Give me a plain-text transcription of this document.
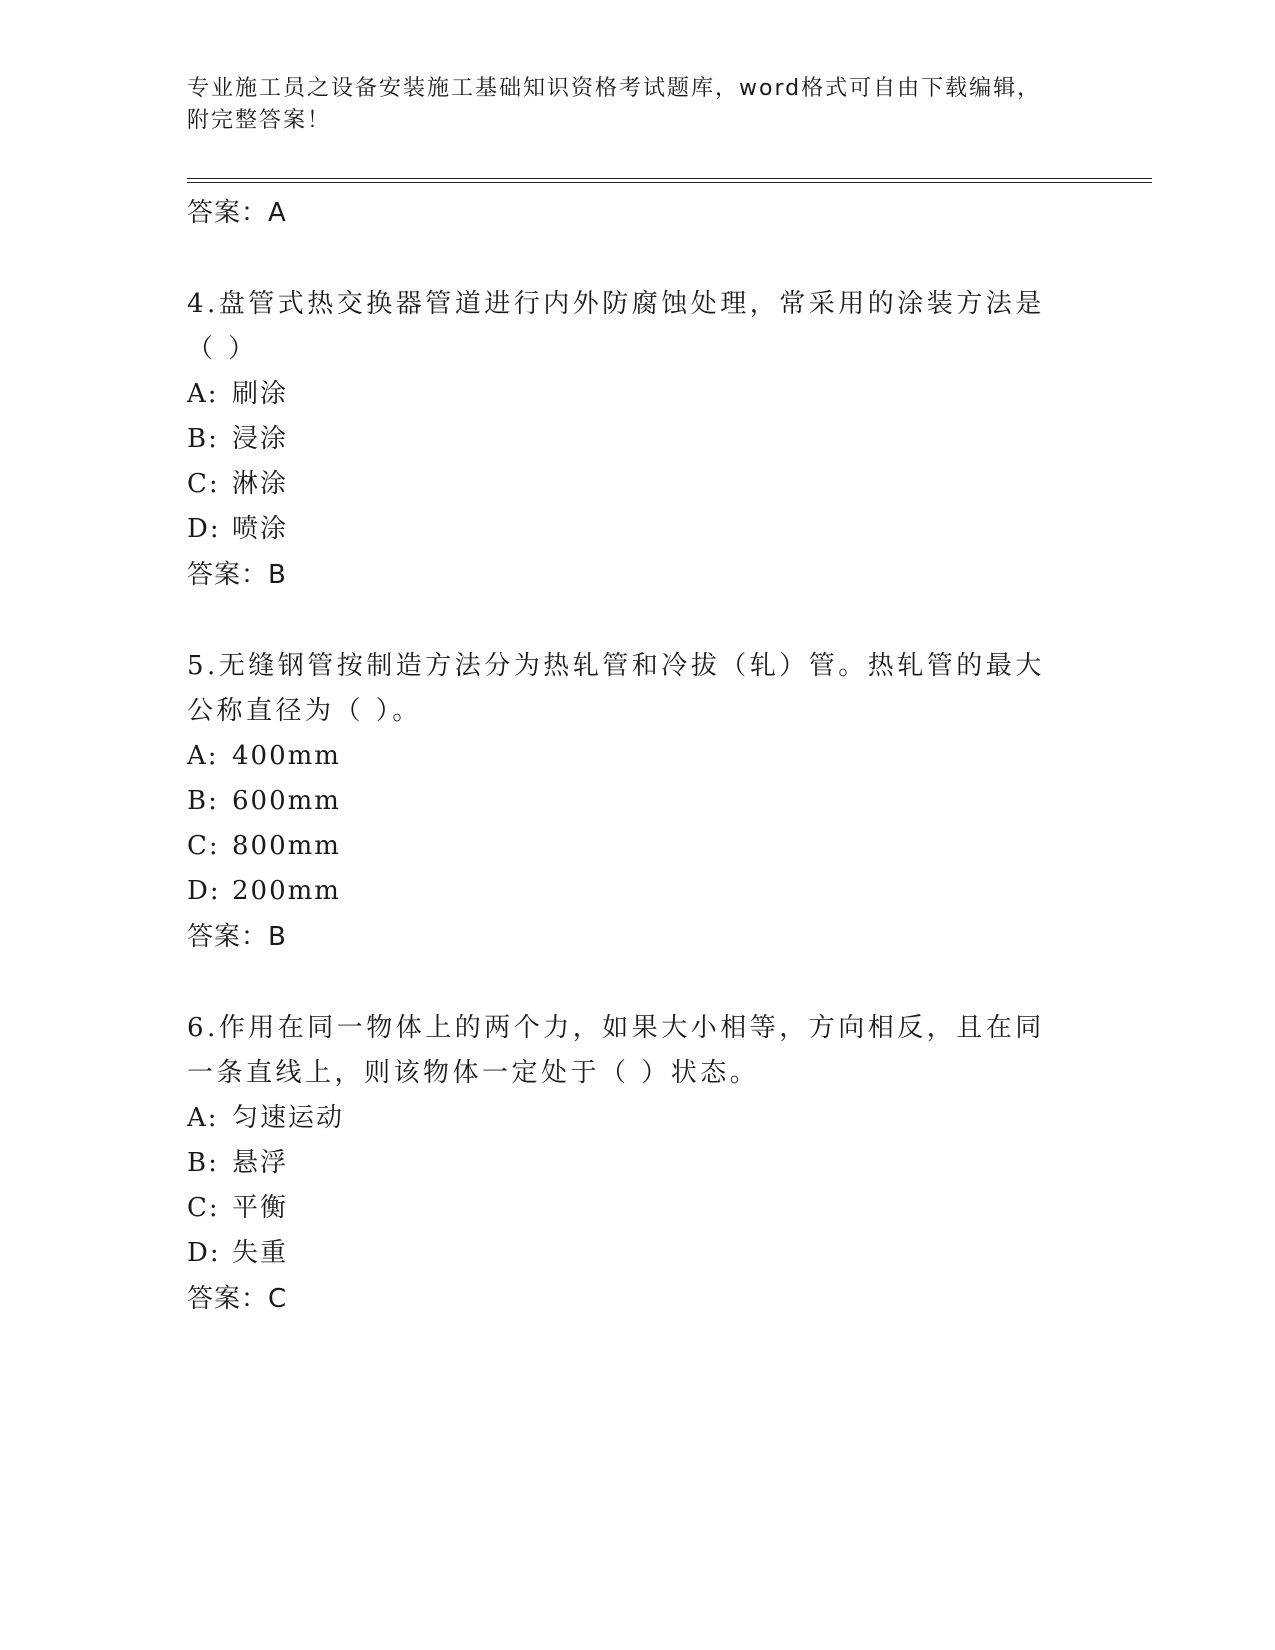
专业施工员之设备安装施工基础知识资格考试题库，word格式可自由下载编辑，
附完整答案！
答案：A
4.盘管式热交换器管道进行内外防腐蚀处理，常采用的涂装方法是（ ）
A: 刷涂
B: 浸涂
C: 淋涂
D: 喷涂
答案：B
5.无缝钢管按制造方法分为热轧管和冷拔（轧）管。热轧管的最大公称直径为（ ）。
A: 400mm
B: 600mm
C: 800mm
D: 200mm
答案：B
6.作用在同一物体上的两个力，如果大小相等，方向相反，且在同一条直线上，则该物体一定处于（ ）状态。
A: 匀速运动
B: 悬浮
C: 平衡
D: 失重
答案：C
